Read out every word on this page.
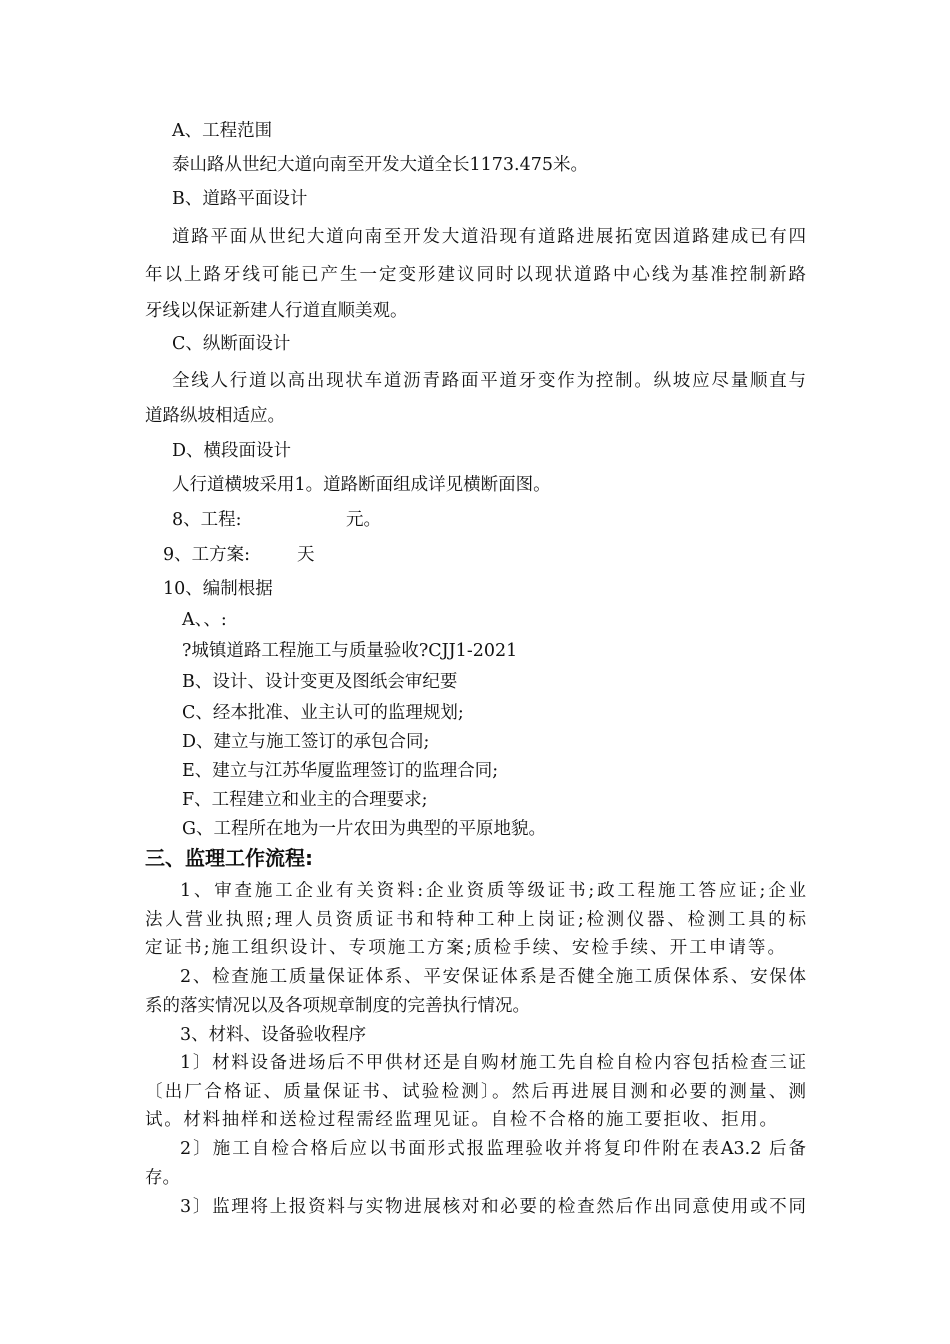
A、工程范围

泰山路从世纪大道向南至开发大道全长1173.475米。

B、道路平面设计

道路平面从世纪大道向南至开发大道沿现有道路进展拓宽因道路建成已有四

年以上路牙线可能已产生一定变形建议同时以现状道路中心线为基准控制新路

牙线以保证新建人行道直顺美观。

C、纵断面设计

全线人行道以高出现状车道沥青路面平道牙变作为控制。纵坡应尽量顺直与

道路纵坡相适应。

D、横段面设计

人行道横坡采用1。道路断面组成详见横断面图。

8、工程:	元。

9、工方案:	天

10、编制根据

A、、:

?城镇道路工程施工与质量验收?CJJ1-2021

B、设计、设计变更及图纸会审纪要

C、经本批准、业主认可的监理规划;

D、建立与施工签订的承包合同;

E、建立与江苏华厦监理签订的监理合同;

F、工程建立和业主的合理要求;

G、工程所在地为一片农田为典型的平原地貌。

三、监理工作流程:

1、审查施工企业有关资料:企业资质等级证书;政工程施工答应证;企业

法人营业执照;理人员资质证书和特种工种上岗证;检测仪器、检测工具的标

定证书;施工组织设计、专项施工方案;质检手续、安检手续、开工申请等。

2、检查施工质量保证体系、平安保证体系是否健全施工质保体系、安保体

系的落实情况以及各项规章制度的完善执行情况。

3、材料、设备验收程序

1〕材料设备进场后不甲供材还是自购材施工先自检自检内容包括检查三证

〔出厂合格证、质量保证书、试验检测〕。然后再进展目测和必要的测量、测

试。材料抽样和送检过程需经监理见证。自检不合格的施工要拒收、拒用。

2〕施工自检合格后应以书面形式报监理验收并将复印件附在表A3.2 后备

存。

3〕监理将上报资料与实物进展核对和必要的检查然后作出同意使用或不同
